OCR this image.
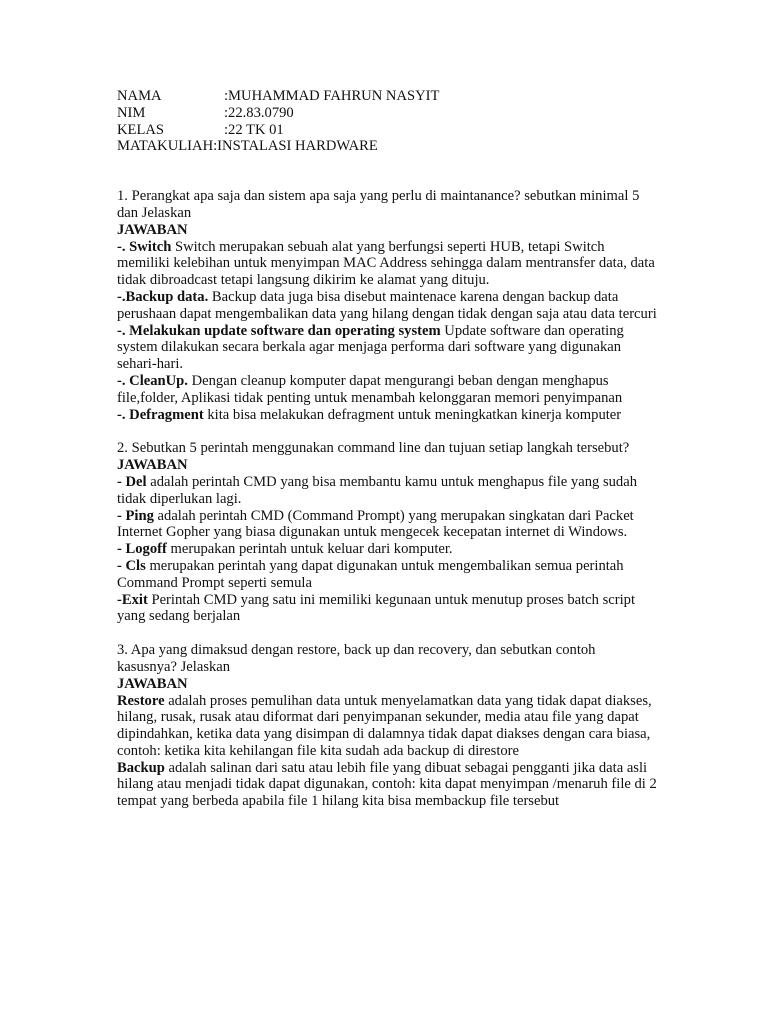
NAMA	:MUHAMMAD FAHRUN NASYIT
NIM	:22.83.0790
KELAS	:22 TK 01
MATAKULIAH :INSTALASI HARDWARE

1. Perangkat apa saja dan sistem apa saja yang perlu di maintanance? sebutkan minimal 5 dan Jelaskan

JAWABAN

-. Switch Switch merupakan sebuah alat yang berfungsi seperti HUB, tetapi Switch memiliki kelebihan untuk menyimpan MAC Address sehingga dalam mentransfer data, data tidak dibroadcast tetapi langsung dikirim ke alamat yang dituju.

-.Backup data. Backup data juga bisa disebut maintenace karena dengan backup data perushaan dapat mengembalikan data yang hilang dengan tidak dengan saja atau data tercuri

-. Melakukan update software dan operating system Update software dan operating system dilakukan secara berkala agar menjaga performa dari software yang digunakan sehari-hari.

-. CleanUp. Dengan cleanup komputer dapat mengurangi beban dengan menghapus file,folder, Aplikasi tidak penting untuk menambah kelonggaran memori penyimpanan

-. Defragment kita bisa melakukan defragment untuk meningkatkan kinerja komputer

2. Sebutkan 5 perintah menggunakan command line dan tujuan setiap langkah tersebut?

JAWABAN

- Del adalah perintah CMD yang bisa membantu kamu untuk menghapus file yang sudah tidak diperlukan lagi.

- Ping adalah perintah CMD (Command Prompt) yang merupakan singkatan dari Packet Internet Gopher yang biasa digunakan untuk mengecek kecepatan internet di Windows.

- Logoff merupakan perintah untuk keluar dari komputer.

- Cls merupakan perintah yang dapat digunakan untuk mengembalikan semua perintah Command Prompt seperti semula

-Exit Perintah CMD yang satu ini memiliki kegunaan untuk menutup proses batch script yang sedang berjalan

3. Apa yang dimaksud dengan restore, back up dan recovery, dan sebutkan contoh kasusnya? Jelaskan

JAWABAN

Restore adalah proses pemulihan data untuk menyelamatkan data yang tidak dapat diakses, hilang, rusak, rusak atau diformat dari penyimpanan sekunder, media atau file yang dapat dipindahkan, ketika data yang disimpan di dalamnya tidak dapat diakses dengan cara biasa, contoh: ketika kita kehilangan file kita sudah ada backup di direstore

Backup adalah salinan dari satu atau lebih file yang dibuat sebagai pengganti jika data asli hilang atau menjadi tidak dapat digunakan, contoh: kita dapat menyimpan /menaruh file di 2 tempat yang berbeda apabila file 1 hilang kita bisa membackup file tersebut
